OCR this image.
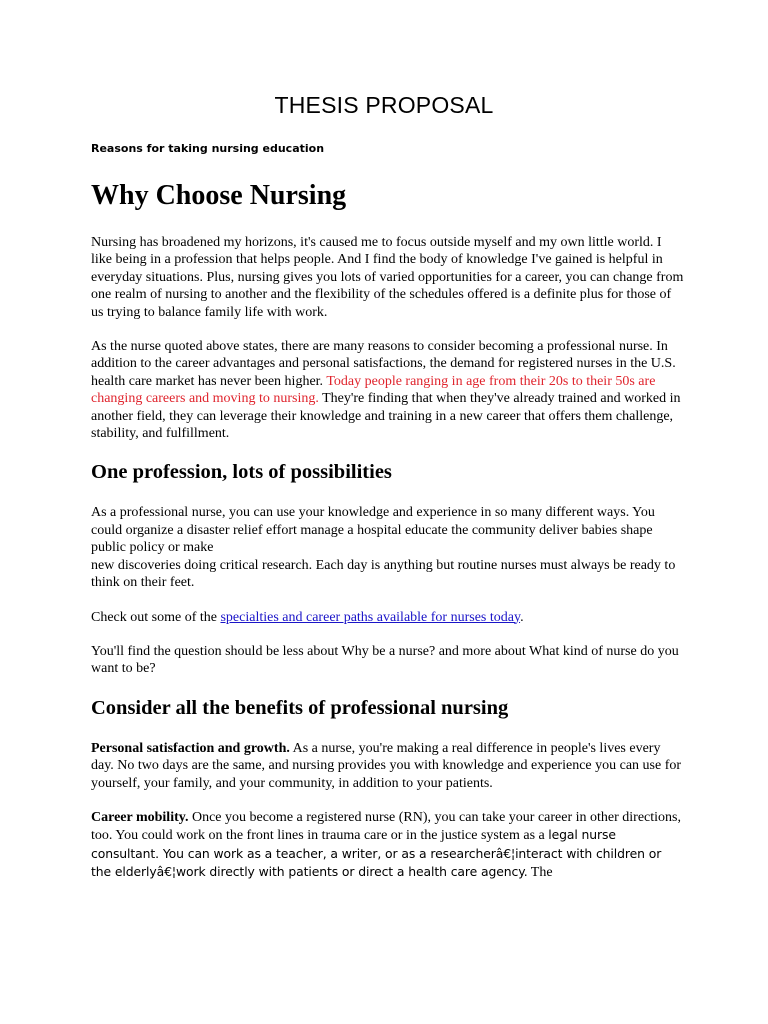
THESIS PROPOSAL
Reasons for taking nursing education
Why Choose Nursing

Nursing has broadened my horizons, it's caused me to focus outside myself and my own little world. I like being in a profession that helps people. And I find the body of knowledge I've gained is helpful in everyday situations. Plus, nursing gives you lots of varied opportunities for a career, you can change from one realm of nursing to another and the flexibility of the schedules offered is a definite plus for those of us trying to balance family life with work.

As the nurse quoted above states, there are many reasons to consider becoming a professional nurse. In addition to the career advantages and personal satisfactions, the demand for registered nurses in the U.S. health care market has never been higher. Today people ranging in age from their 20s to their 50s are changing careers and moving to nursing. They're finding that when they've already trained and worked in another field, they can leverage their knowledge and training in a new career that offers them challenge, stability, and fulfillment.

One profession, lots of possibilities

As a professional nurse, you can use your knowledge and experience in so many different ways. You could organize a disaster relief effort manage a hospital educate the community deliver babies shape public policy or make
new discoveries doing critical research. Each day is anything but routine nurses must always be ready to think on their feet.

Check out some of the specialties and career paths available for nurses today.

You'll find the question should be less about Why be a nurse? and more about What kind of nurse do you want to be?

Consider all the benefits of professional nursing

Personal satisfaction and growth. As a nurse, you're making a real difference in people's lives every day. No two days are the same, and nursing provides you with knowledge and experience you can use for yourself, your family, and your community, in addition to your patients.

Career mobility. Once you become a registered nurse (RN), you can take your career in other directions, too. You could work on the front lines in trauma care or in the justice system as a legal nurse consultant. You can work as a teacher, a writer, or as a researcherâ€¦interact with children or the elderlyâ€¦work directly with patients or direct a health care agency. The
